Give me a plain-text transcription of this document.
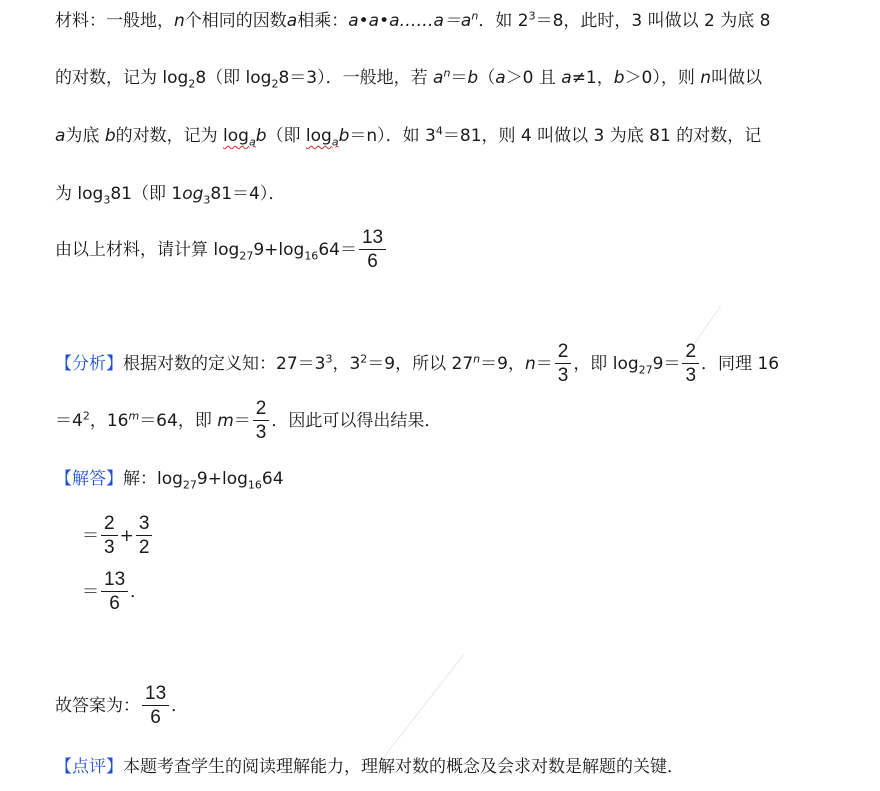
材料：一般地，n个相同的因数a相乘：$a•a•a\dots\dots a=a^n$．如 $2^3=8$，此时，3 叫做以 2 为底 8
的对数，记为 $\log_28$（即 $\log_28=3$）．一般地，若 $a^n=b(a>0$ 且 a≠1，b＞0），则 n叫做以
a为底 b的对数，记为 $\log_ab$（即 $\log_ab=n$）．如 $3^4=81$，则 4 叫做以 3 为底 81 的对数，记
为 $\log_381$（即 $1og_381=4$）．
由以上材料，请计算 $\log_{27}9+\log_{16}64= \frac{13}{6}$
【分析】根据对数的定义知：$27=3^3$，$3^2=9$，所以 $27^n=9$，$n= \frac{2}{3}$ ，即 $\log_{27}9= \frac{2}{3}$ ．同理 16
$=4^2$，$16^m=64$，即 $m= \frac{2}{3}$ ．因此可以得出结果．
【解答】解：$\log_{27}9+\log_{16}64$
＝ $\frac{2}{3} + \frac{3}{2}$
＝ $\frac{13}{6}$ ．
故答案为： $\frac{13}{6}$ ．
【点评】本题考查学生的阅读理解能力，理解对数的概念及会求对数是解题的关键．
